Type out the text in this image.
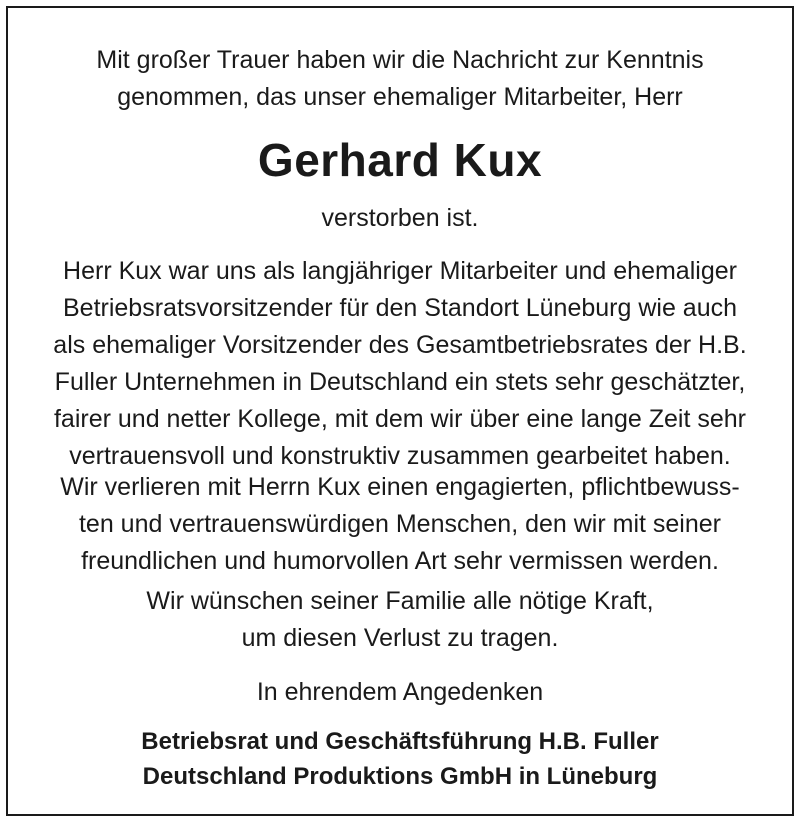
Mit großer Trauer haben wir die Nachricht zur Kenntnis
genommen, das unser ehemaliger Mitarbeiter, Herr
Gerhard Kux
verstorben ist.
Herr Kux war uns als langjähriger Mitarbeiter und ehemaliger
Betriebsratsvorsitzender für den Standort Lüneburg wie auch
als ehemaliger Vorsitzender des Gesamtbetriebsrates der H.B.
Fuller Unternehmen in Deutschland ein stets sehr geschätzter,
fairer und netter Kollege, mit dem wir über eine lange Zeit sehr
vertrauensvoll und konstruktiv zusammen gearbeitet haben.
Wir verlieren mit Herrn Kux einen engagierten, pflichtbewuss-
ten und vertrauenswürdigen Menschen, den wir mit seiner
freundlichen und humorvollen Art sehr vermissen werden.
Wir wünschen seiner Familie alle nötige Kraft,
um diesen Verlust zu tragen.
In ehrendem Angedenken
Betriebsrat und Geschäftsführung H.B. Fuller
Deutschland Produktions GmbH in Lüneburg
